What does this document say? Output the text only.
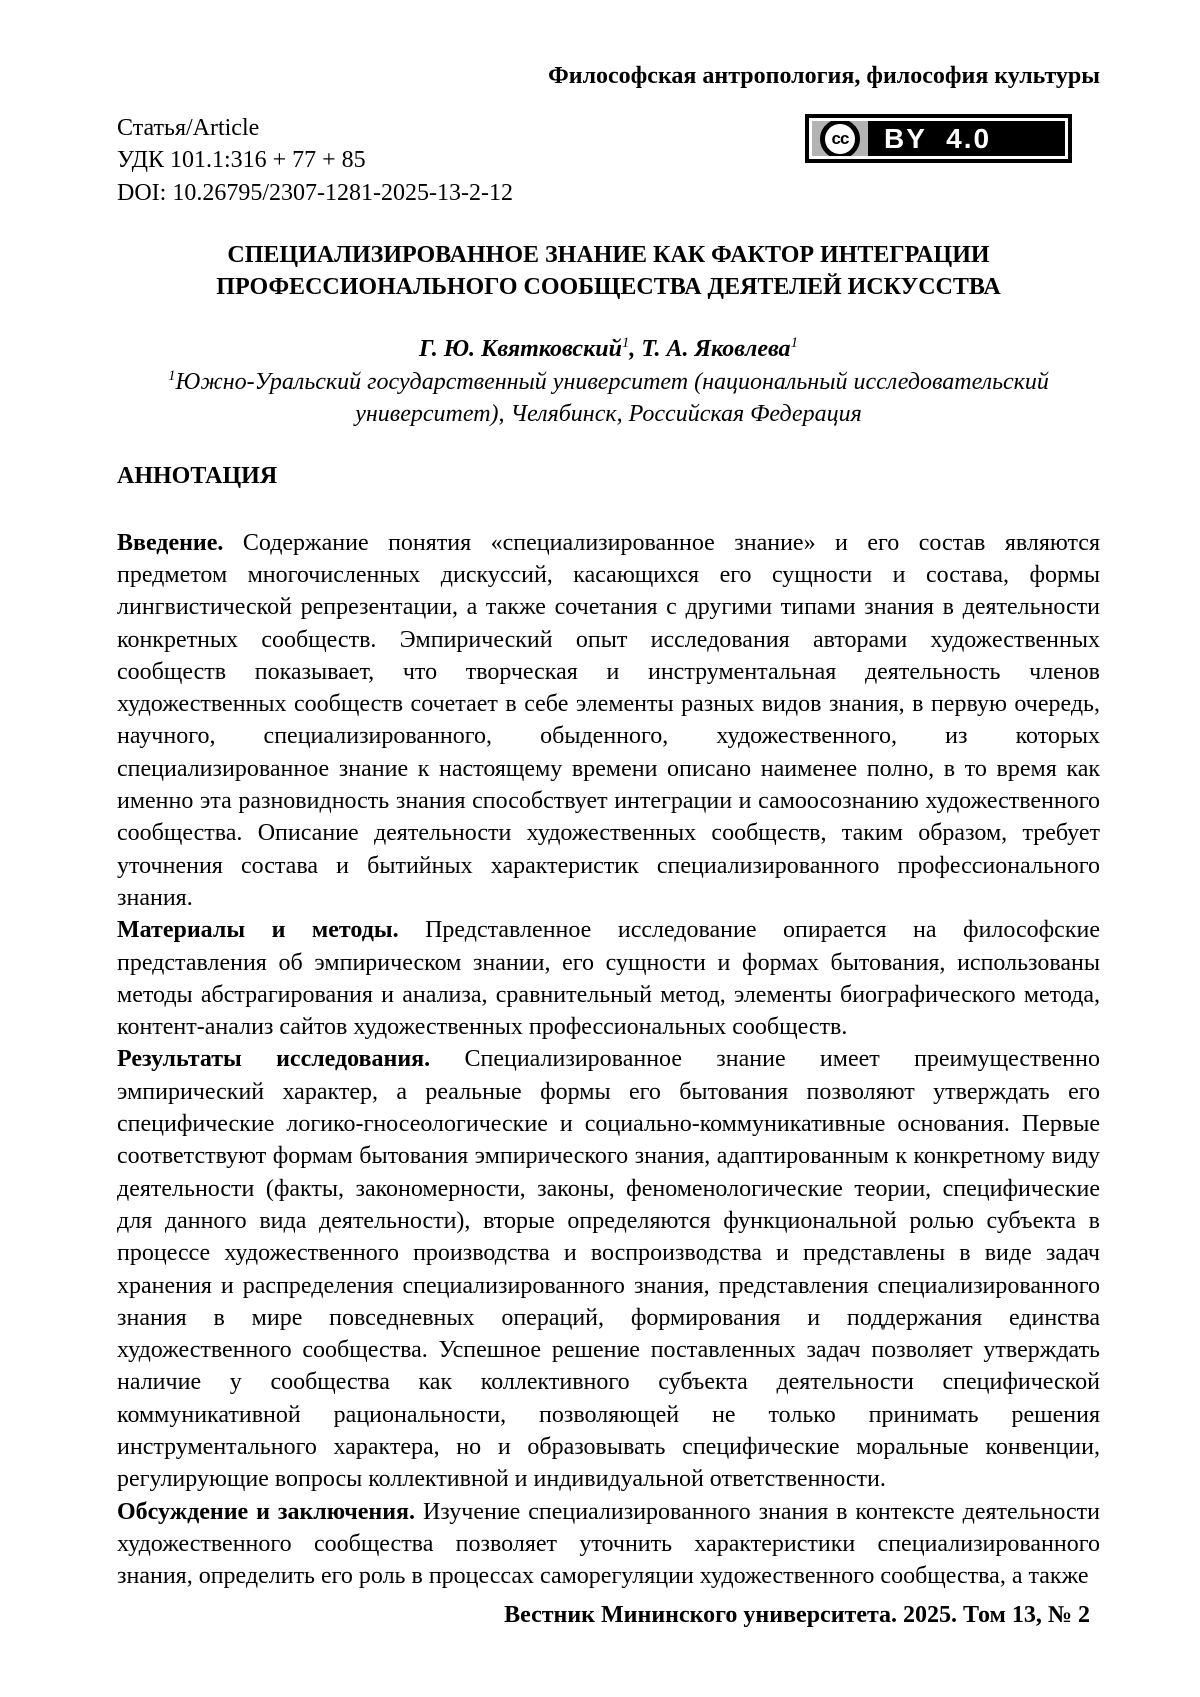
Философская антропология, философия культуры
Статья/Article
УДК 101.1:316 + 77 + 85
DOI: 10.26795/2307-1281-2025-13-2-12
СПЕЦИАЛИЗИРОВАННОЕ ЗНАНИЕ КАК ФАКТОР ИНТЕГРАЦИИ
ПРОФЕССИОНАЛЬНОГО СООБЩЕСТВА ДЕЯТЕЛЕЙ ИСКУССТВА
Г. Ю. Квятковский$^1$, Т. А. Яковлева$^1$
$^1$Южно-Уральский государственный университет (национальный исследовательский
университет), Челябинск, Российская Федерация
АННОТАЦИЯ

Введение. Содержание понятия «специализированное знание» и его состав являются предметом многочисленных дискуссий, касающихся его сущности и состава, формы лингвистической репрезентации, а также сочетания с другими типами знания в деятельности конкретных сообществ. Эмпирический опыт исследования авторами художественных сообществ показывает, что творческая и инструментальная деятельность членов художественных сообществ сочетает в себе элементы разных видов знания, в первую очередь, научного, специализированного, обыденного, художественного, из которых специализированное знание к настоящему времени описано наименее полно, в то время как именно эта разновидность знания способствует интеграции и самоосознанию художественного сообщества. Описание деятельности художественных сообществ, таким образом, требует уточнения состава и бытийных характеристик специализированного профессионального знания.

Материалы и методы. Представленное исследование опирается на философские представления об эмпирическом знании, его сущности и формах бытования, использованы методы абстрагирования и анализа, сравнительный метод, элементы биографического метода, контент-анализ сайтов художественных профессиональных сообществ.

Результаты исследования. Специализированное знание имеет преимущественно эмпирический характер, а реальные формы его бытования позволяют утверждать его специфические логико-гносеологические и социально-коммуникативные основания. Первые соответствуют формам бытования эмпирического знания, адаптированным к конкретному виду деятельности (факты, закономерности, законы, феноменологические теории, специфические для данного вида деятельности), вторые определяются функциональной ролью субъекта в процессе художественного производства и воспроизводства и представлены в виде задач хранения и распределения специализированного знания, представления специализированного знания в мире повседневных операций, формирования и поддержания единства художественного сообщества. Успешное решение поставленных задач позволяет утверждать наличие у сообщества как коллективного субъекта деятельности специфической коммуникативной рациональности, позволяющей не только принимать решения инструментального характера, но и образовывать специфические моральные конвенции, регулирующие вопросы коллективной и индивидуальной ответственности.

Обсуждение и заключения. Изучение специализированного знания в контексте деятельности художественного сообщества позволяет уточнить характеристики специализированного знания, определить его роль в процессах саморегуляции художественного сообщества, а также

cc BY 4.0
Вестник Мининского университета. 2025. Том 13, № 2
